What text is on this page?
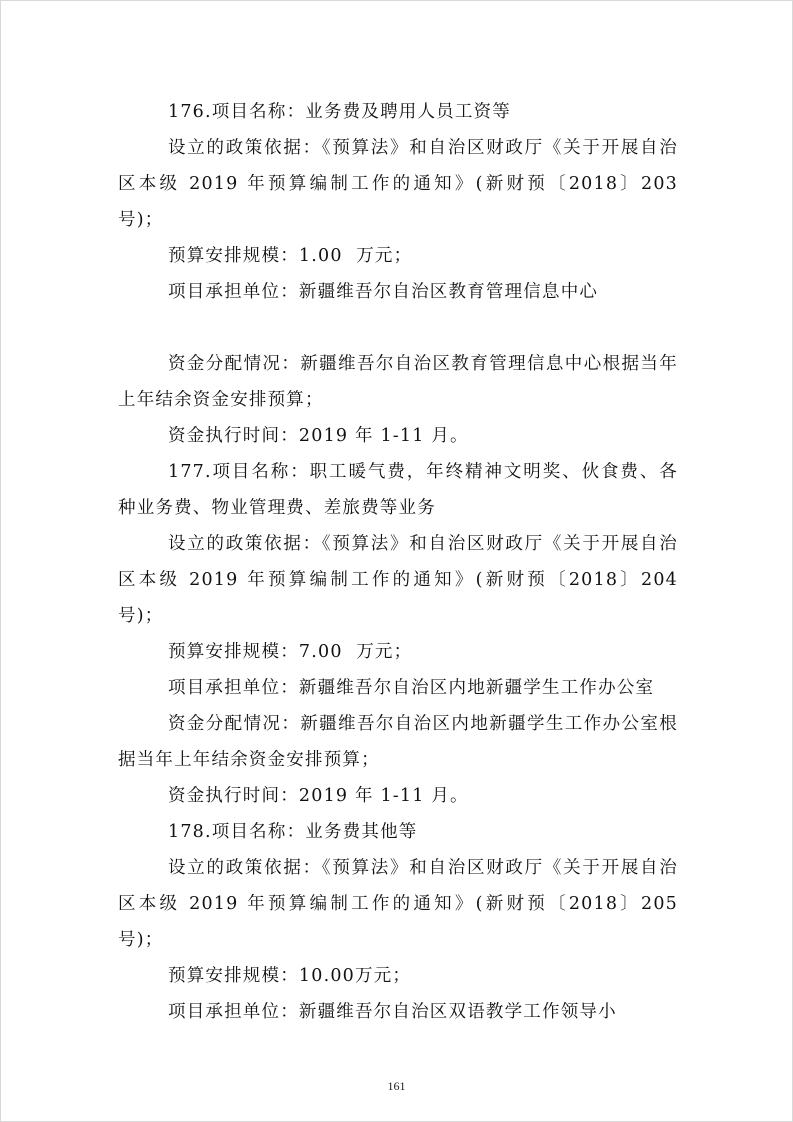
176.项目名称：业务费及聘用人员工资等

设立的政策依据：《预算法》和自治区财政厅《关于开展自治区本级 2019 年预算编制工作的通知》(新财预〔2018〕203 号)；

预算安排规模：1.00  万元；

项目承担单位：新疆维吾尔自治区教育管理信息中心

资金分配情况：新疆维吾尔自治区教育管理信息中心根据当年上年结余资金安排预算；

资金执行时间：2019 年 1-11 月。

177.项目名称：职工暖气费，年终精神文明奖、伙食费、各种业务费、物业管理费、差旅费等业务

设立的政策依据：《预算法》和自治区财政厅《关于开展自治区本级 2019 年预算编制工作的通知》(新财预〔2018〕204 号)；

预算安排规模：7.00  万元；

项目承担单位：新疆维吾尔自治区内地新疆学生工作办公室

资金分配情况：新疆维吾尔自治区内地新疆学生工作办公室根据当年上年结余资金安排预算；

资金执行时间：2019 年 1-11 月。

178.项目名称：业务费其他等

设立的政策依据：《预算法》和自治区财政厅《关于开展自治区本级 2019 年预算编制工作的通知》(新财预〔2018〕205 号)；

预算安排规模：10.00万元；

项目承担单位：新疆维吾尔自治区双语教学工作领导小

161
